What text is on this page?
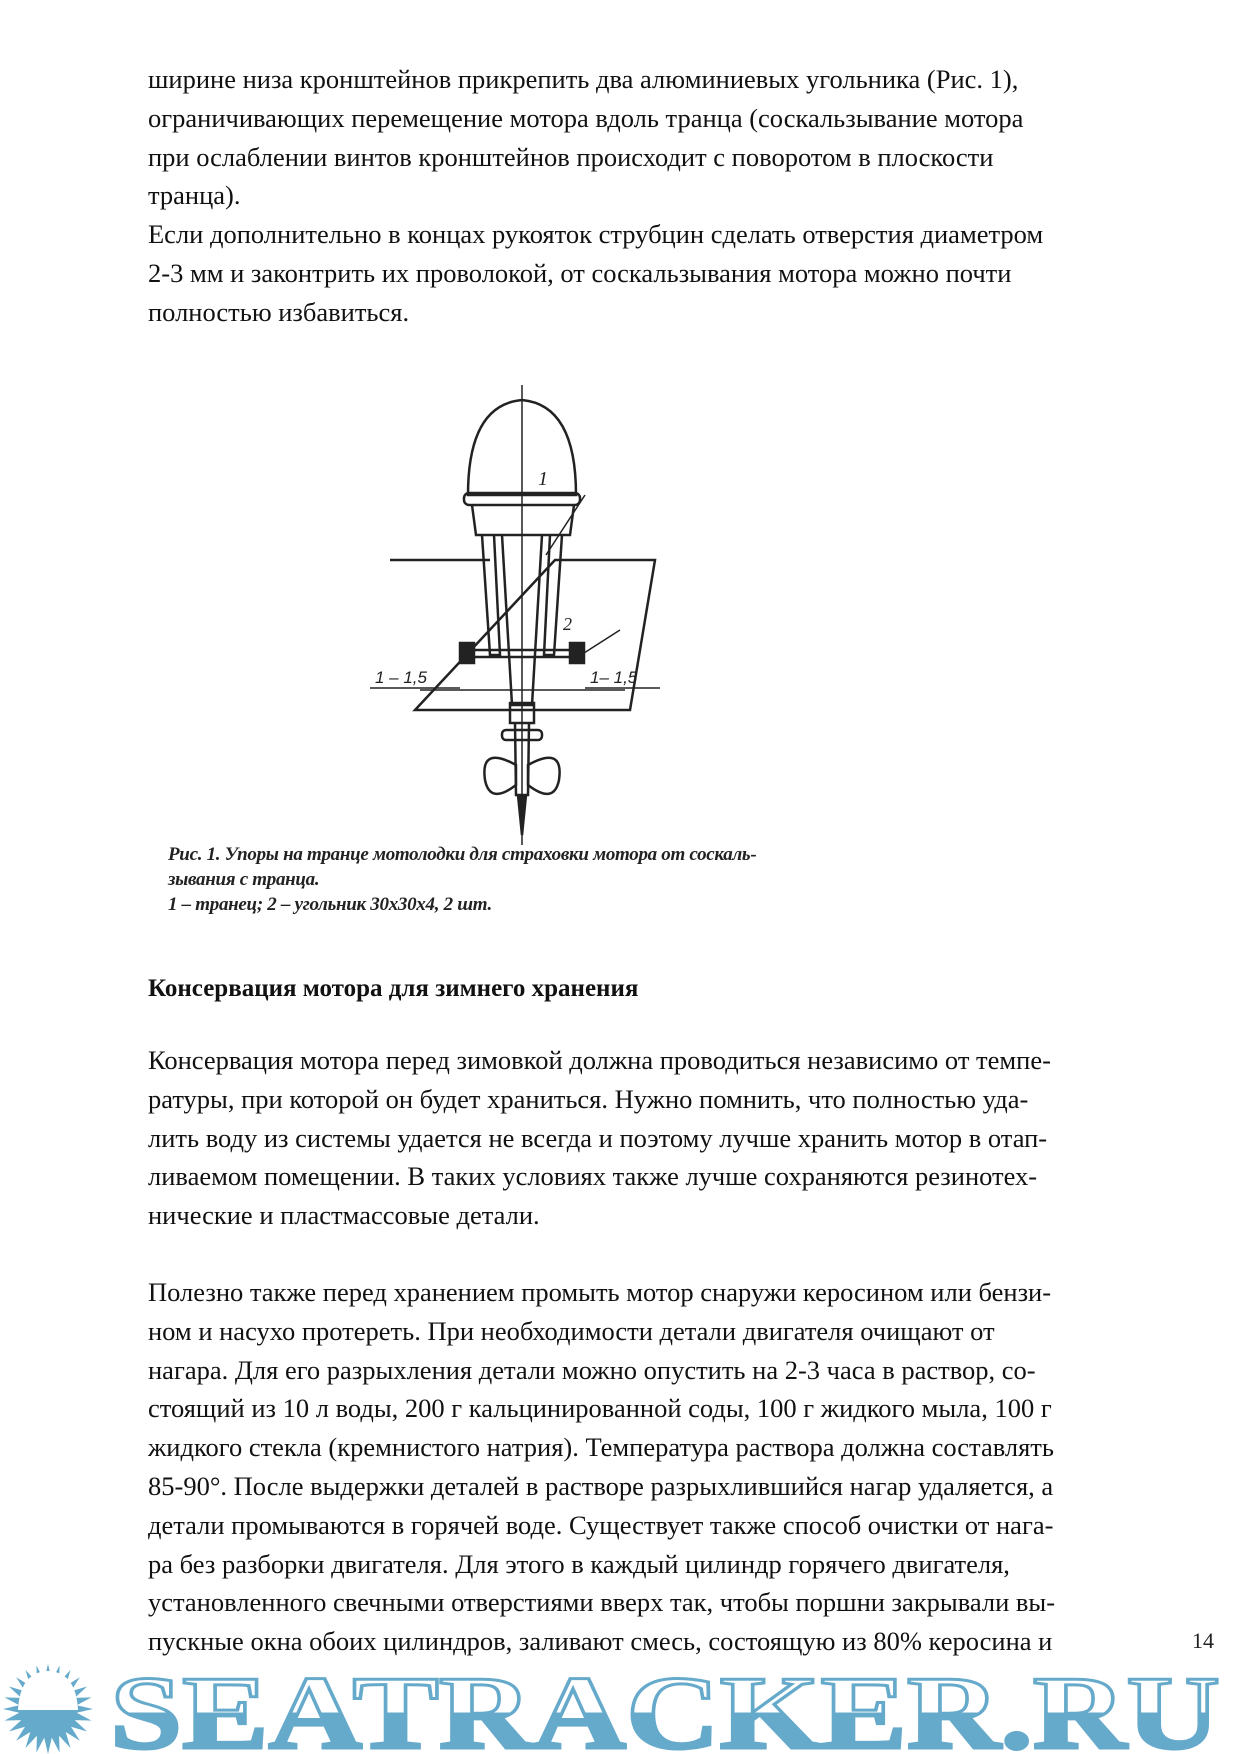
ширине низа кронштейнов прикрепить два алюминиевых угольника (Рис. 1),
ограничивающих перемещение мотора вдоль транца (соскальзывание мотора
при ослаблении винтов кронштейнов происходит с поворотом в плоскости
транца).
Если дополнительно в концах рукояток струбцин сделать отверстия диаметром
2-3 мм и законтрить их проволокой, от соскальзывания мотора можно почти
полностью избавиться.
1
2
1 – 1,5	1– 1,5
Рис. 1. Упоры на транце мотолодки для страховки мотора от соскаль-
зывания с транца.
1 – транец; 2 – угольник 30х30х4, 2 шт.
Консервация мотора для зимнего хранения
Консервация мотора перед зимовкой должна проводиться независимо от темпе-
ратуры, при которой он будет храниться. Нужно помнить, что полностью уда-
лить воду из системы удается не всегда и поэтому лучше хранить мотор в отап-
ливаемом помещении. В таких условиях также лучше сохраняются резинотех-
нические и пластмассовые детали.
Полезно также перед хранением промыть мотор снаружи керосином или бензи-
ном и насухо протереть. При необходимости детали двигателя очищают от
нагара. Для его разрыхления детали можно опустить на 2-3 часа в раствор, со-
стоящий из 10 л воды, 200 г кальцинированной соды, 100 г жидкого мыла, 100 г
жидкого стекла (кремнистого натрия). Температура раствора должна составлять
85-90°. После выдержки деталей в растворе разрыхлившийся нагар удаляется, а
детали промываются в горячей воде. Существует также способ очистки от нага-
ра без разборки двигателя. Для этого в каждый цилиндр горячего двигателя,
установленного свечными отверстиями вверх так, чтобы поршни закрывали вы-
пускные окна обоих цилиндров, заливают смесь, состоящую из 80% керосина и
SEATRACKER.RU
14
